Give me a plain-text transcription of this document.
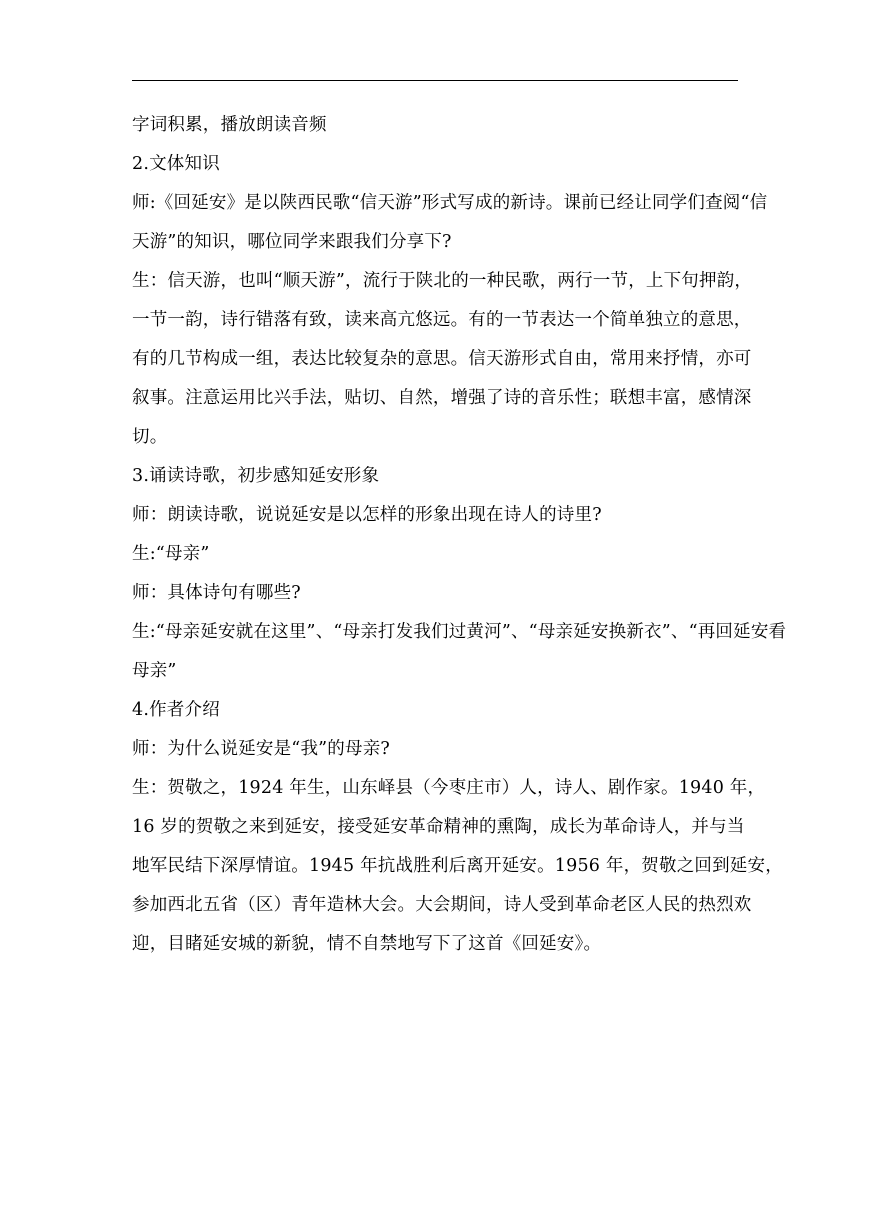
字词积累，播放朗读音频

2.文体知识

师:《回延安》是以陕西民歌“信天游”形式写成的新诗。课前已经让同学们查阅“信
天游”的知识，哪位同学来跟我们分享下?

生：信天游，也叫“顺天游”，流行于陕北的一种民歌，两行一节，上下句押韵，
一节一韵，诗行错落有致，读来高亢悠远。有的一节表达一个简单独立的意思，
有的几节构成一组，表达比较复杂的意思。信天游形式自由，常用来抒情，亦可
叙事。注意运用比兴手法，贴切、自然，增强了诗的音乐性；联想丰富，感情深
切。

3.诵读诗歌，初步感知延安形象

师：朗读诗歌，说说延安是以怎样的形象出现在诗人的诗里?

生:“母亲”

师：具体诗句有哪些?

生:“母亲延安就在这里”、“母亲打发我们过黄河”、“母亲延安换新衣”、“再回延安看
母亲”

4.作者介绍

师：为什么说延安是“我”的母亲?

生：贺敬之，1924 年生，山东峄县（今枣庄市）人，诗人、剧作家。1940 年，
16 岁的贺敬之来到延安，接受延安革命精神的熏陶，成长为革命诗人，并与当
地军民结下深厚情谊。1945 年抗战胜利后离开延安。1956 年，贺敬之回到延安，
参加西北五省（区）青年造林大会。大会期间，诗人受到革命老区人民的热烈欢
迎，目睹延安城的新貌，情不自禁地写下了这首《回延安》。
